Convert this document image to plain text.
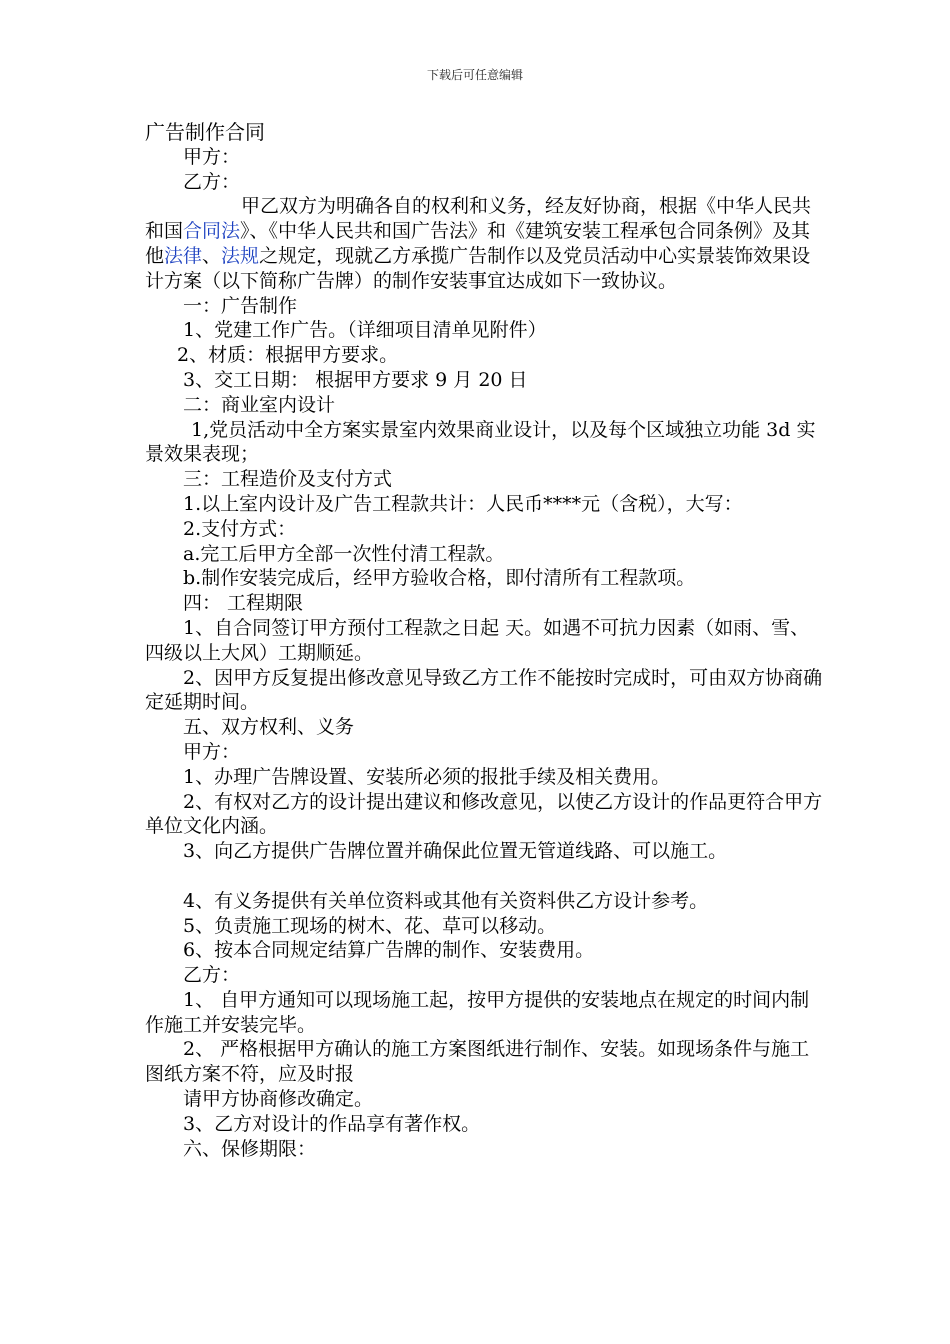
下载后可任意编辑

广告制作合同

甲方：

乙方：

甲乙双方为明确各自的权利和义务，经友好协商，根据《中华人民共和国合同法》、《中华人民共和国广告法》和《建筑安装工程承包合同条例》及其他法律、法规之规定，现就乙方承揽广告制作以及党员活动中心实景装饰效果设计方案（以下简称广告牌）的制作安装事宜达成如下一致协议。

一：广告制作

1、党建工作广告。（详细项目清单见附件）

2、材质：根据甲方要求。

3、交工日期： 根据甲方要求 9 月 20 日

二：商业室内设计

1,党员活动中全方案实景室内效果商业设计，以及每个区域独立功能 3d 实景效果表现；

三：工程造价及支付方式

1.以上室内设计及广告工程款共计：人民币****元（含税），大写：

2.支付方式：

a.完工后甲方全部一次性付清工程款。

b.制作安装完成后，经甲方验收合格，即付清所有工程款项。

四： 工程期限

1、自合同签订甲方预付工程款之日起 天。如遇不可抗力因素（如雨、雪、四级以上大风）工期顺延。

2、因甲方反复提出修改意见导致乙方工作不能按时完成时，可由双方协商确定延期时间。

五、双方权利、义务

甲方：

1、办理广告牌设置、安装所必须的报批手续及相关费用。

2、有权对乙方的设计提出建议和修改意见，以使乙方设计的作品更符合甲方单位文化内涵。

3、向乙方提供广告牌位置并确保此位置无管道线路、可以施工。

4、有义务提供有关单位资料或其他有关资料供乙方设计参考。

5、负责施工现场的树木、花、草可以移动。

6、按本合同规定结算广告牌的制作、安装费用。

乙方：

1、 自甲方通知可以现场施工起，按甲方提供的安装地点在规定的时间内制作施工并安装完毕。

2、 严格根据甲方确认的施工方案图纸进行制作、安装。如现场条件与施工图纸方案不符，应及时报

请甲方协商修改确定。

3、乙方对设计的作品享有著作权。

六、保修期限：
